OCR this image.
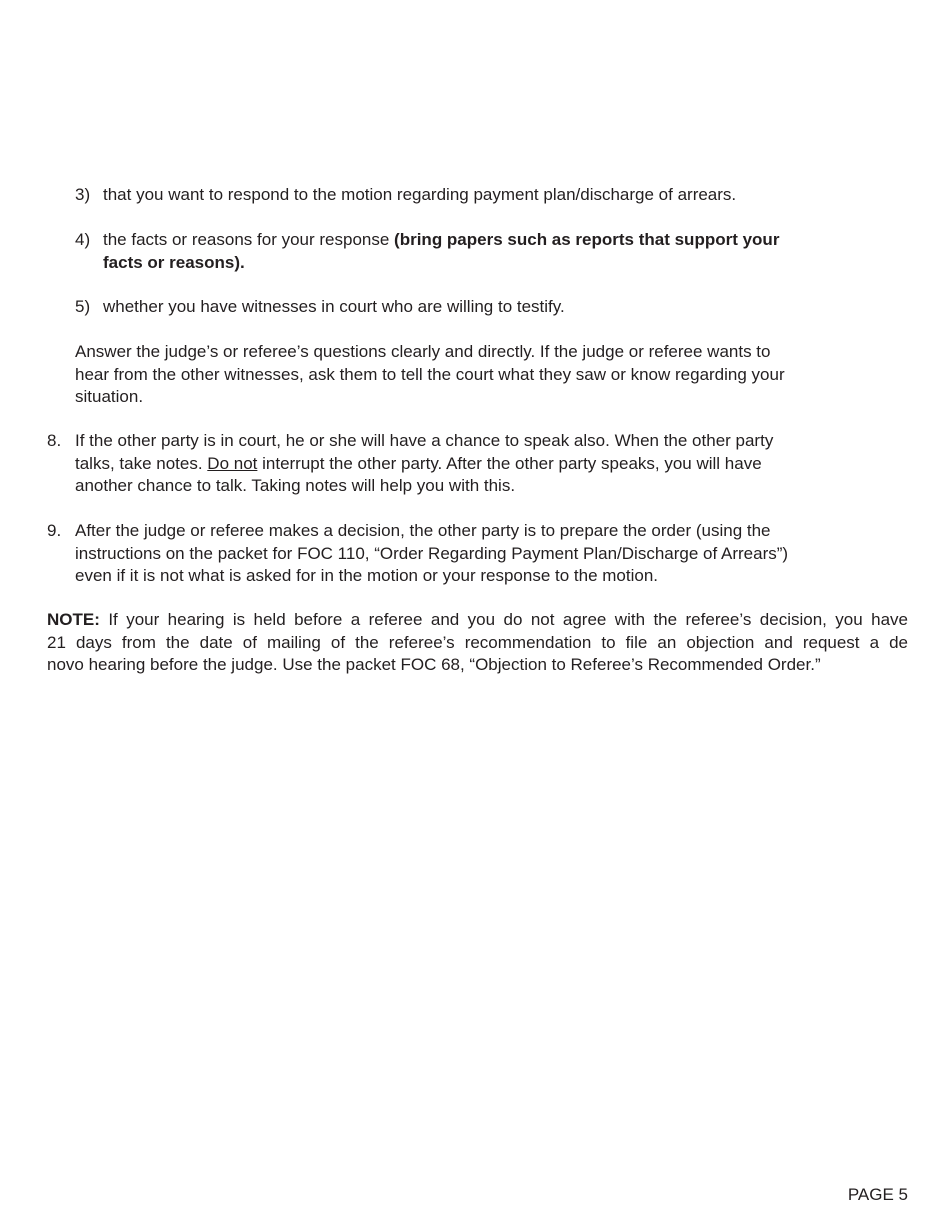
3) that you want to respond to the motion regarding payment plan/discharge of arrears.
4) the facts or reasons for your response (bring papers such as reports that support your
facts or reasons).
5) whether you have witnesses in court who are willing to testify.
Answer the judge’s or referee’s questions clearly and directly. If the judge or referee wants to
hear from the other witnesses, ask them to tell the court what they saw or know regarding your
situation.
8. If the other party is in court, he or she will have a chance to speak also. When the other party
talks, take notes. Do not interrupt the other party. After the other party speaks, you will have
another chance to talk. Taking notes will help you with this.
9. After the judge or referee makes a decision, the other party is to prepare the order (using the
instructions on the packet for FOC 110, “Order Regarding Payment Plan/Discharge of Arrears”)
even if it is not what is asked for in the motion or your response to the motion.
NOTE: If your hearing is held before a referee and you do not agree with the referee’s decision, you have
21 days from the date of mailing of the referee’s recommendation to file an objection and request a de
novo hearing before the judge. Use the packet FOC 68, “Objection to Referee’s Recommended Order.”
PAGE 5
